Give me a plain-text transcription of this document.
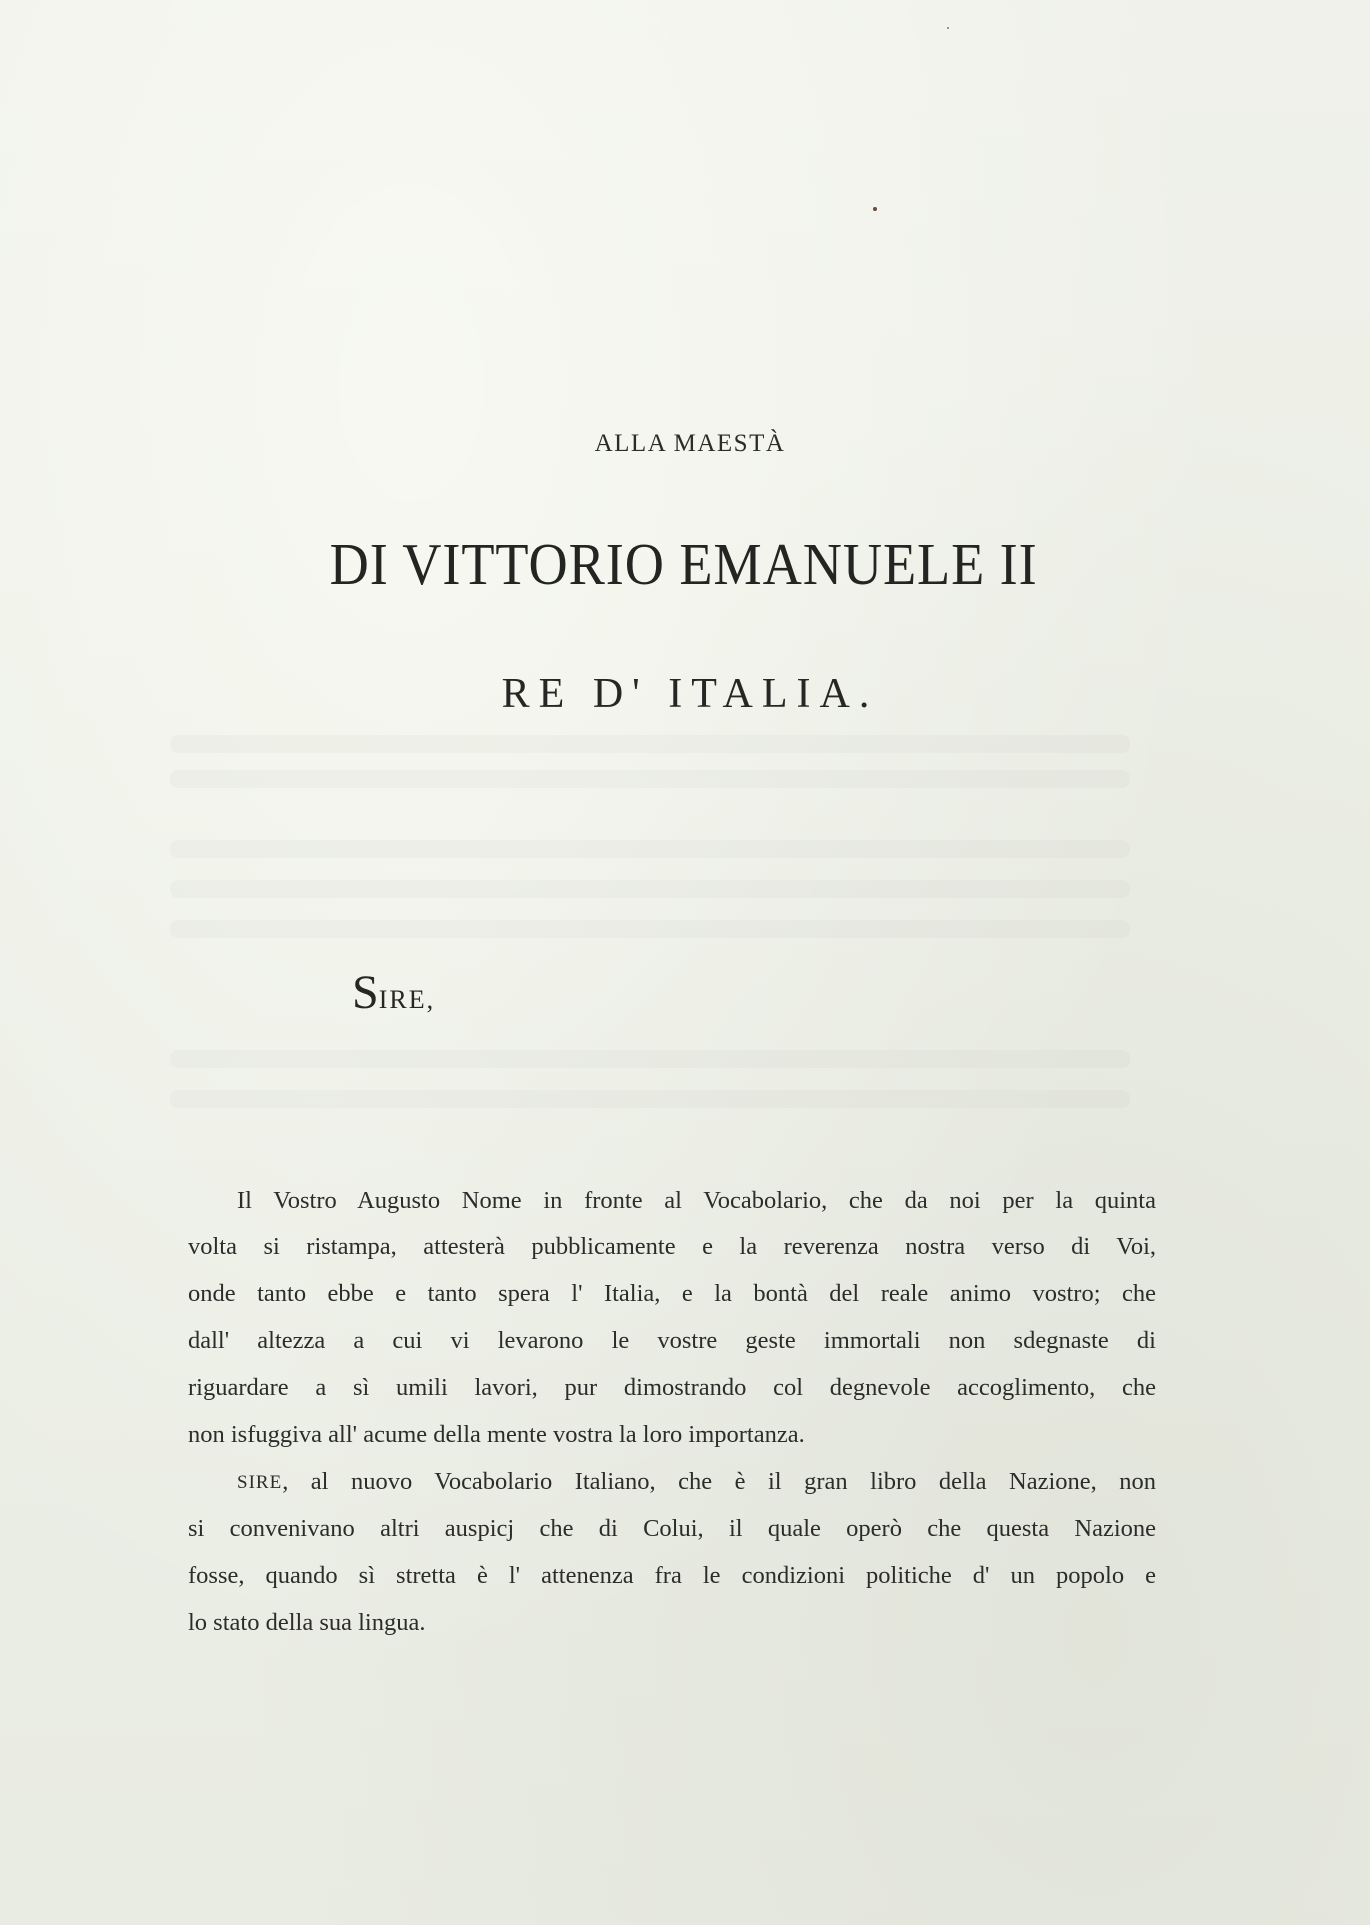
ALLA MAESTÀ
DI VITTORIO EMANUELE II
RE D' ITALIA.
SIRE,
Il Vostro Augusto Nome in fronte al Vocabolario, che da noi per la quinta
volta si ristampa, attesterà pubblicamente e la reverenza nostra verso di Voi,
onde tanto ebbe e tanto spera l' Italia, e la bontà del reale animo vostro; che
dall' altezza a cui vi levarono le vostre geste immortali non sdegnaste di
riguardare a sì umili lavori, pur dimostrando col degnevole accoglimento, che
non isfuggiva all' acume della mente vostra la loro importanza.
SIRE , al nuovo Vocabolario Italiano, che è il gran libro della Nazione, non
si convenivano altri auspicj che di Colui, il quale operò che questa Nazione
fosse, quando sì stretta è l' attenenza fra le condizioni politiche d' un popolo e
lo stato della sua lingua.
